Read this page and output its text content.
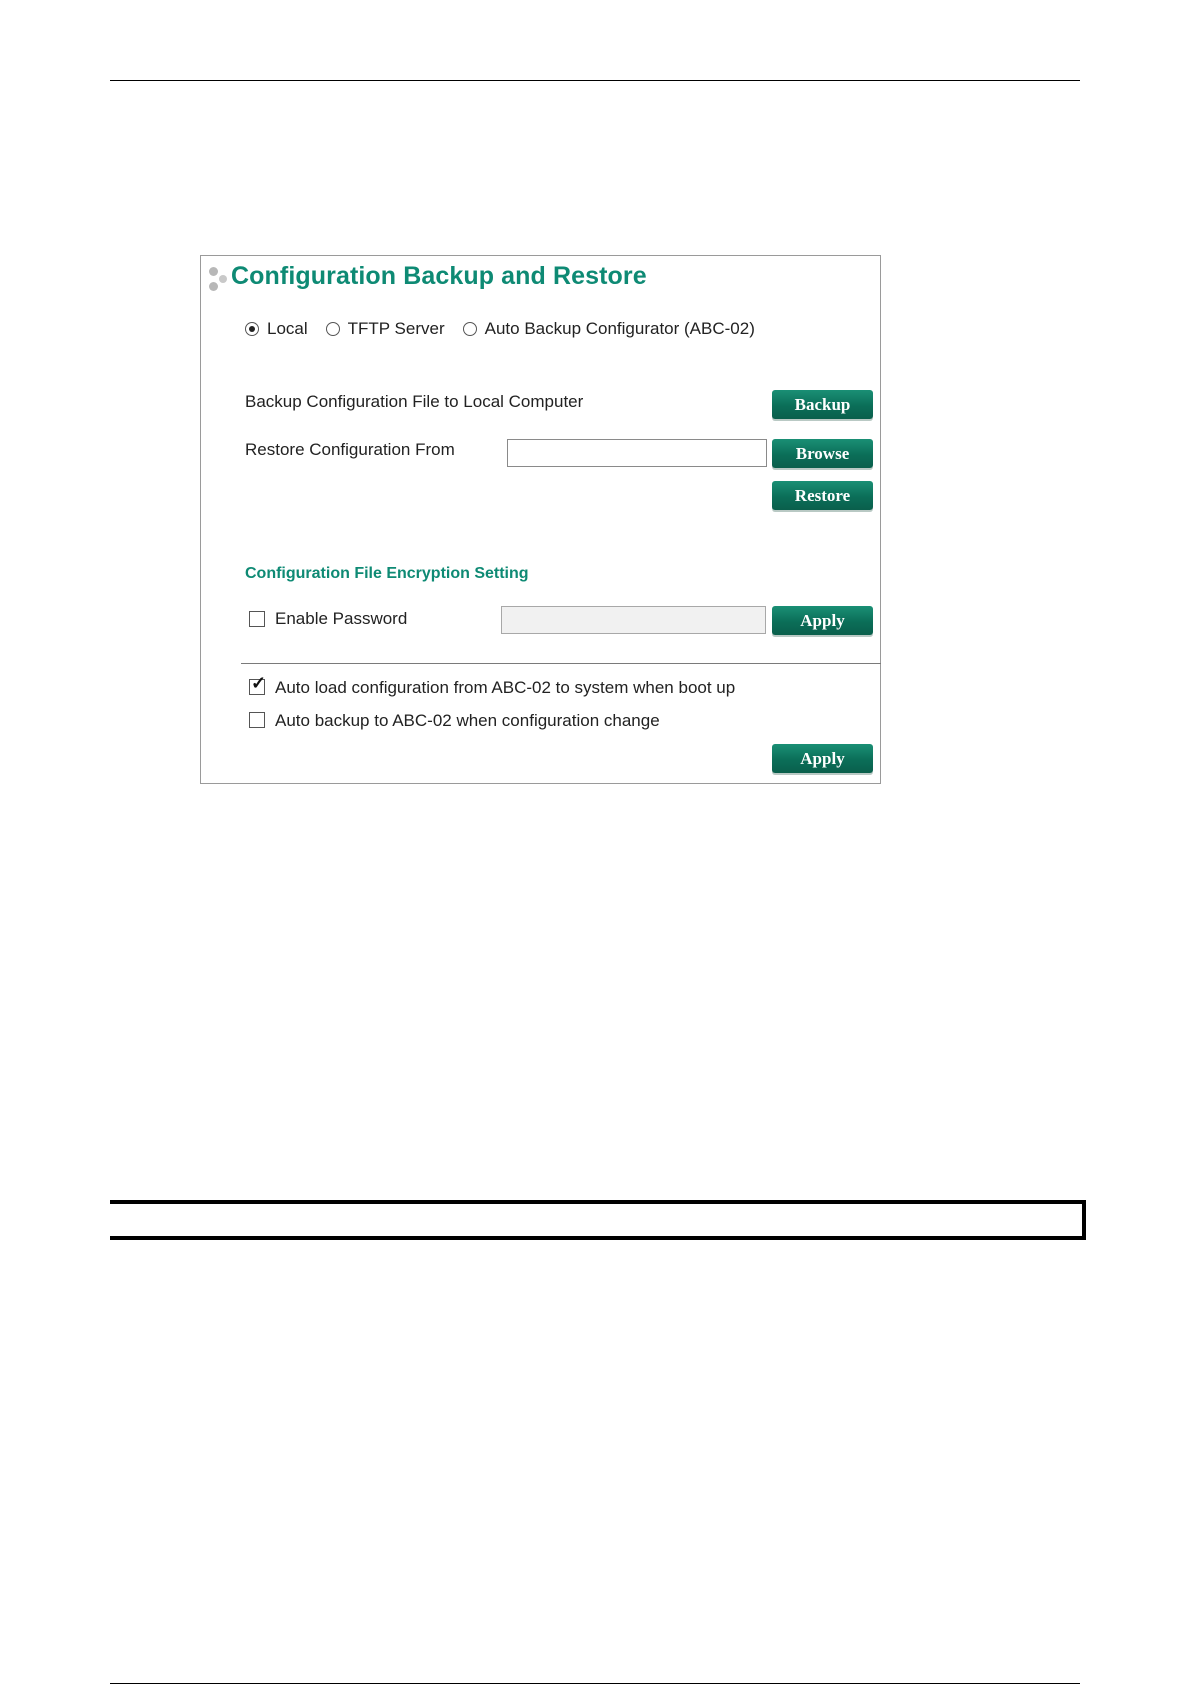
Configuration Backup and Restore
Local TFTP Server Auto Backup Configurator (ABC-02)
Backup Configuration File to Local Computer	Backup
Restore Configuration From	Browse
Restore
Configuration File Encryption Setting
Enable Password	Apply
✓ Auto load configuration from ABC-02 to system when boot up
Auto backup to ABC-02 when configuration change
Apply
